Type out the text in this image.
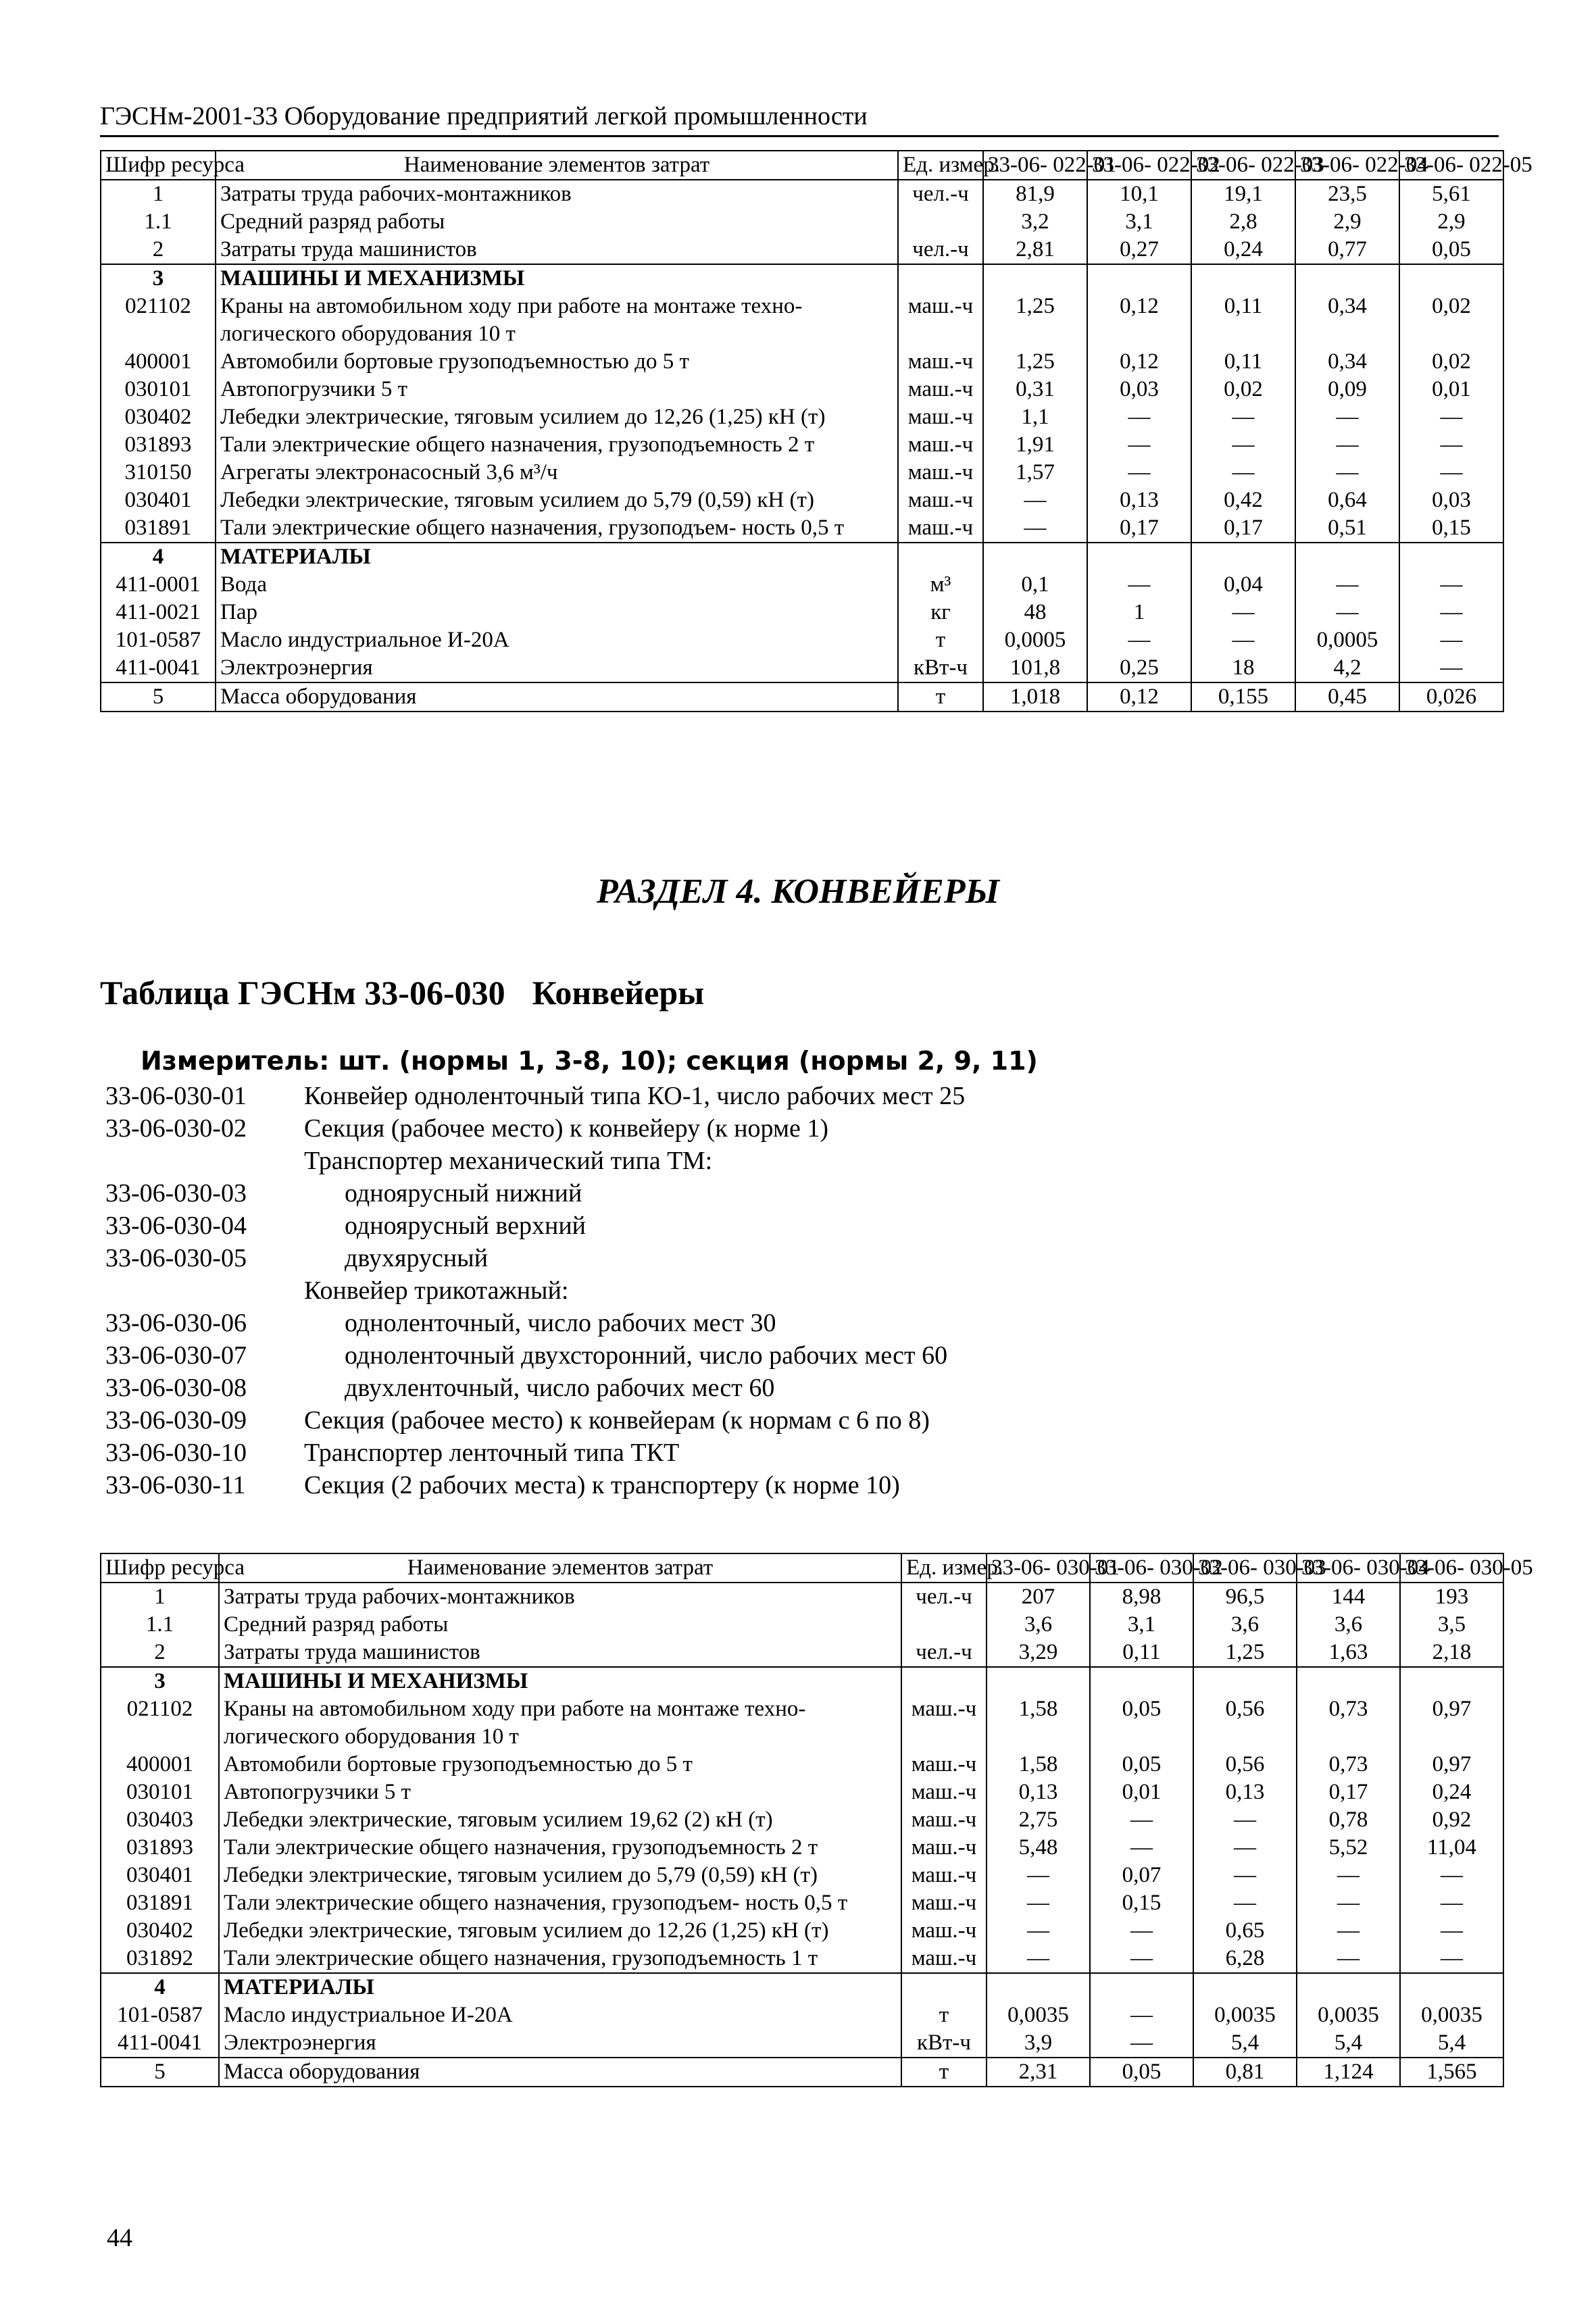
ГЭСНм-2001-33 Оборудование предприятий легкой промышленности
Шифр ресурса	Наименование элементов затрат	Ед. измер.	33-06- 022-01	33-06- 022-02	33-06- 022-03	33-06- 022-04	33-06- 022-05
1	Затраты труда рабочих-монтажников	чел.-ч	81,9	10,1	19,1	23,5	5,61
1.1	Средний разряд работы		3,2	3,1	2,8	2,9	2,9
2	Затраты труда машинистов	чел.-ч	2,81	0,27	0,24	0,77	0,05
3	МАШИНЫ И МЕХАНИЗМЫ						
021102	Краны на автомобильном ходу при работе на монтаже техно- логического оборудования 10 т	маш.-ч	1,25	0,12	0,11	0,34	0,02
400001	Автомобили бортовые грузоподъемностью до 5 т	маш.-ч	1,25	0,12	0,11	0,34	0,02
030101	Автопогрузчики 5 т	маш.-ч	0,31	0,03	0,02	0,09	0,01
030402	Лебедки электрические, тяговым усилием до 12,26 (1,25) кН (т)	маш.-ч	1,1	—	—	—	—
031893	Тали электрические общего назначения, грузоподъемность 2 т	маш.-ч	1,91	—	—	—	—
310150	Агрегаты электронасосный 3,6 м³/ч	маш.-ч	1,57	—	—	—	—
030401	Лебедки электрические, тяговым усилием до 5,79 (0,59) кН (т)	маш.-ч	—	0,13	0,42	0,64	0,03
031891	Тали электрические общего назначения, грузоподъем- ность 0,5 т	маш.-ч	—	0,17	0,17	0,51	0,15
4	МАТЕРИАЛЫ						
411-0001	Вода	м³	0,1	—	0,04	—	—
411-0021	Пар	кг	48	1	—	—	—
101-0587	Масло индустриальное И-20А	т	0,0005	—	—	0,0005	—
411-0041	Электроэнергия	кВт-ч	101,8	0,25	18	4,2	—
5	Масса оборудования	т	1,018	0,12	0,155	0,45	0,026
РАЗДЕЛ 4. КОНВЕЙЕРЫ
Таблица ГЭСНм 33-06-030 Конвейеры
Измеритель: шт. (нормы 1, 3-8, 10); секция (нормы 2, 9, 11)
33-06-030-01	Конвейер одноленточный типа КО-1, число рабочих мест 25
33-06-030-02	Секция (рабочее место) к конвейеру (к норме 1)
Транспортер механический типа ТМ:
33-06-030-03	одноярусный нижний
33-06-030-04	одноярусный верхний
33-06-030-05	двухярусный
Конвейер трикотажный:
33-06-030-06	одноленточный, число рабочих мест 30
33-06-030-07	одноленточный двухсторонний, число рабочих мест 60
33-06-030-08	двухленточный, число рабочих мест 60
33-06-030-09	Секция (рабочее место) к конвейерам (к нормам с 6 по 8)
33-06-030-10	Транспортер ленточный типа ТКТ
33-06-030-11	Секция (2 рабочих места) к транспортеру (к норме 10)
Шифр ресурса	Наименование элементов затрат	Ед. измер.	33-06- 030-01	33-06- 030-02	33-06- 030-03	33-06- 030-04	33-06- 030-05
1	Затраты труда рабочих-монтажников	чел.-ч	207	8,98	96,5	144	193
1.1	Средний разряд работы		3,6	3,1	3,6	3,6	3,5
2	Затраты труда машинистов	чел.-ч	3,29	0,11	1,25	1,63	2,18
3	МАШИНЫ И МЕХАНИЗМЫ						
021102	Краны на автомобильном ходу при работе на монтаже техно- логического оборудования 10 т	маш.-ч	1,58	0,05	0,56	0,73	0,97
400001	Автомобили бортовые грузоподъемностью до 5 т	маш.-ч	1,58	0,05	0,56	0,73	0,97
030101	Автопогрузчики 5 т	маш.-ч	0,13	0,01	0,13	0,17	0,24
030403	Лебедки электрические, тяговым усилием 19,62 (2) кН (т)	маш.-ч	2,75	—	—	0,78	0,92
031893	Тали электрические общего назначения, грузоподъемность 2 т	маш.-ч	5,48	—	—	5,52	11,04
030401	Лебедки электрические, тяговым усилием до 5,79 (0,59) кН (т)	маш.-ч	—	0,07	—	—	—
031891	Тали электрические общего назначения, грузоподъем- ность 0,5 т	маш.-ч	—	0,15	—	—	—
030402	Лебедки электрические, тяговым усилием до 12,26 (1,25) кН (т)	маш.-ч	—	—	0,65	—	—
031892	Тали электрические общего назначения, грузоподъемность 1 т	маш.-ч	—	—	6,28	—	—
4	МАТЕРИАЛЫ						
101-0587	Масло индустриальное И-20А	т	0,0035	—	0,0035	0,0035	0,0035
411-0041	Электроэнергия	кВт-ч	3,9	—	5,4	5,4	5,4
5	Масса оборудования	т	2,31	0,05	0,81	1,124	1,565
44
